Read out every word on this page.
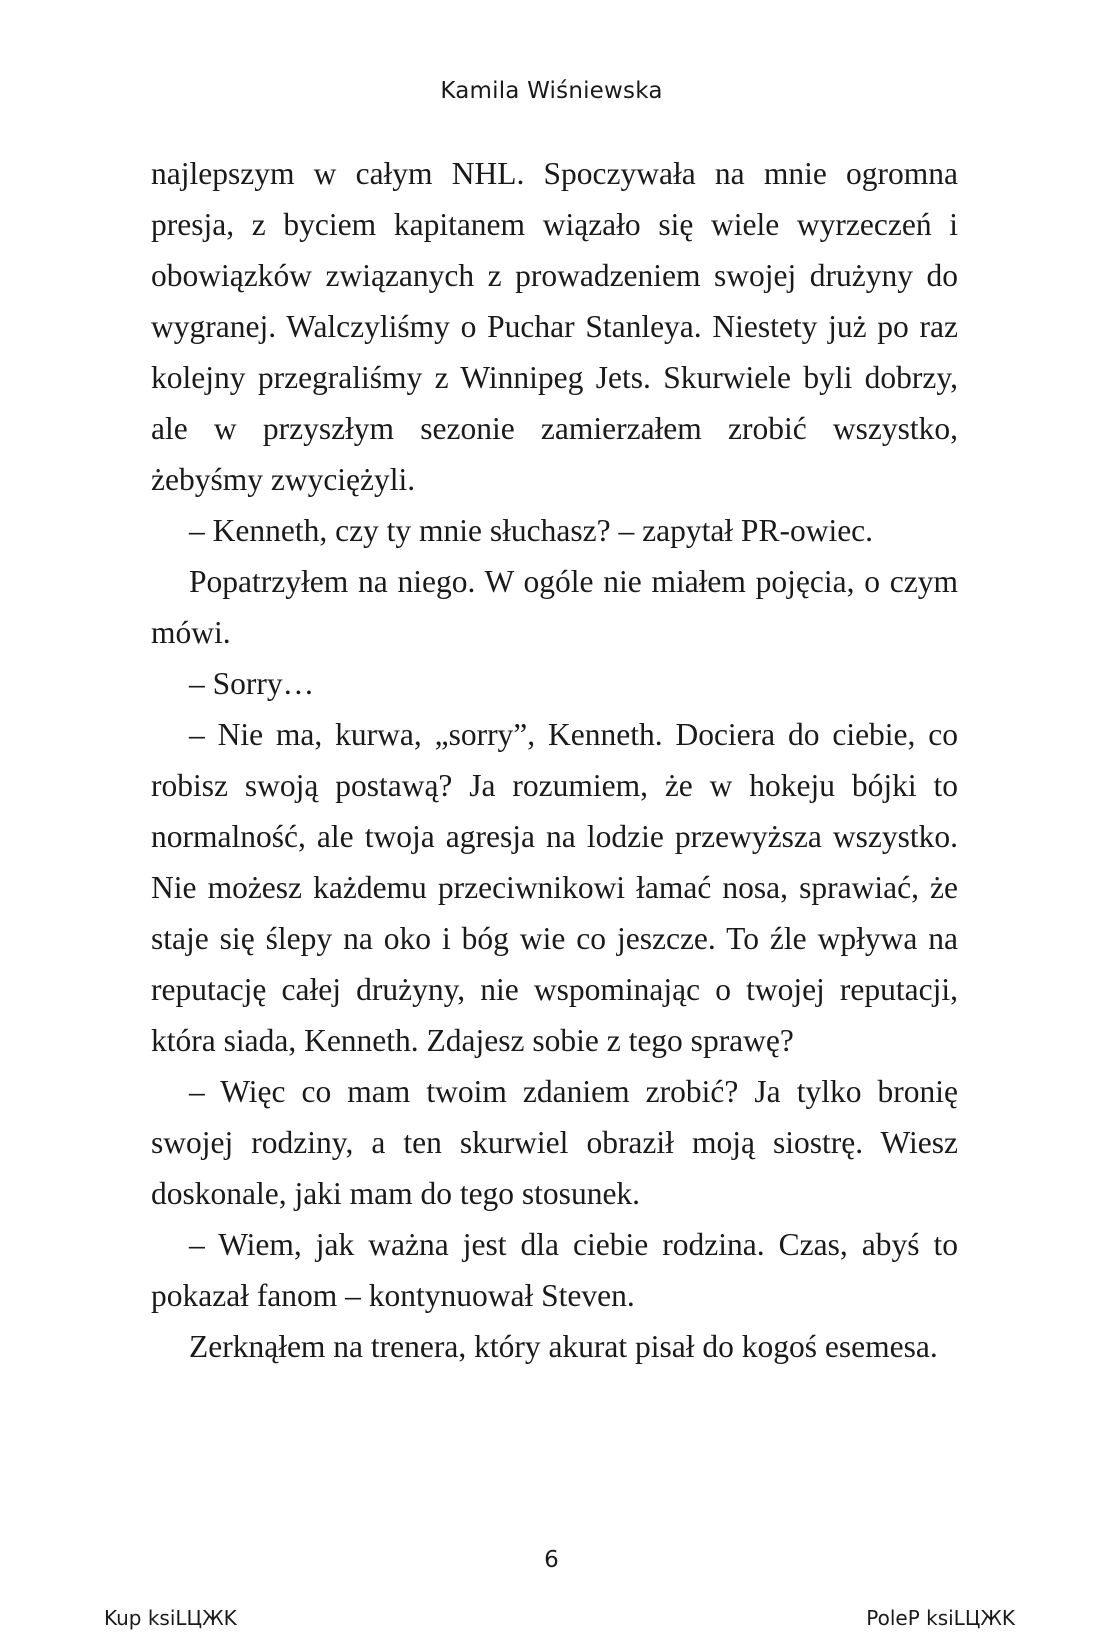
Kamila Wiśniewska

najlepszym w całym NHL. Spoczywała na mnie ogromna presja, z byciem kapitanem wiązało się wiele wyrzeczeń i obowiązków związanych z prowadzeniem swojej drużyny do wygranej. Walczyliśmy o Puchar Stanleya. Niestety już po raz kolejny przegraliśmy z Winnipeg Jets. Skurwiele byli dobrzy, ale w przyszłym sezonie zamierzałem zrobić wszystko, żebyśmy zwyciężyli.

– Kenneth, czy ty mnie słuchasz? – zapytał PR-owiec.

Popatrzyłem na niego. W ogóle nie miałem pojęcia, o czym mówi.

– Sorry…

– Nie ma, kurwa, „sorry”, Kenneth. Dociera do ciebie, co robisz swoją postawą? Ja rozumiem, że w hokeju bójki to normalność, ale twoja agresja na lodzie przewyższa wszystko. Nie możesz każdemu przeciwnikowi łamać nosa, sprawiać, że staje się ślepy na oko i bóg wie co jeszcze. To źle wpływa na reputację całej drużyny, nie wspominając o twojej reputacji, która siada, Kenneth. Zdajesz sobie z tego sprawę?

– Więc co mam twoim zdaniem zrobić? Ja tylko bronię swojej rodziny, a ten skurwiel obraził moją siostrę. Wiesz doskonale, jaki mam do tego stosunek.

– Wiem, jak ważna jest dla ciebie rodzina. Czas, abyś to pokazał fanom – kontynuował Steven.

Zerknąłem na trenera, który akurat pisał do kogoś esemesa.

6
Kup ksiLЦЖK	PoleP ksiLЦЖK
